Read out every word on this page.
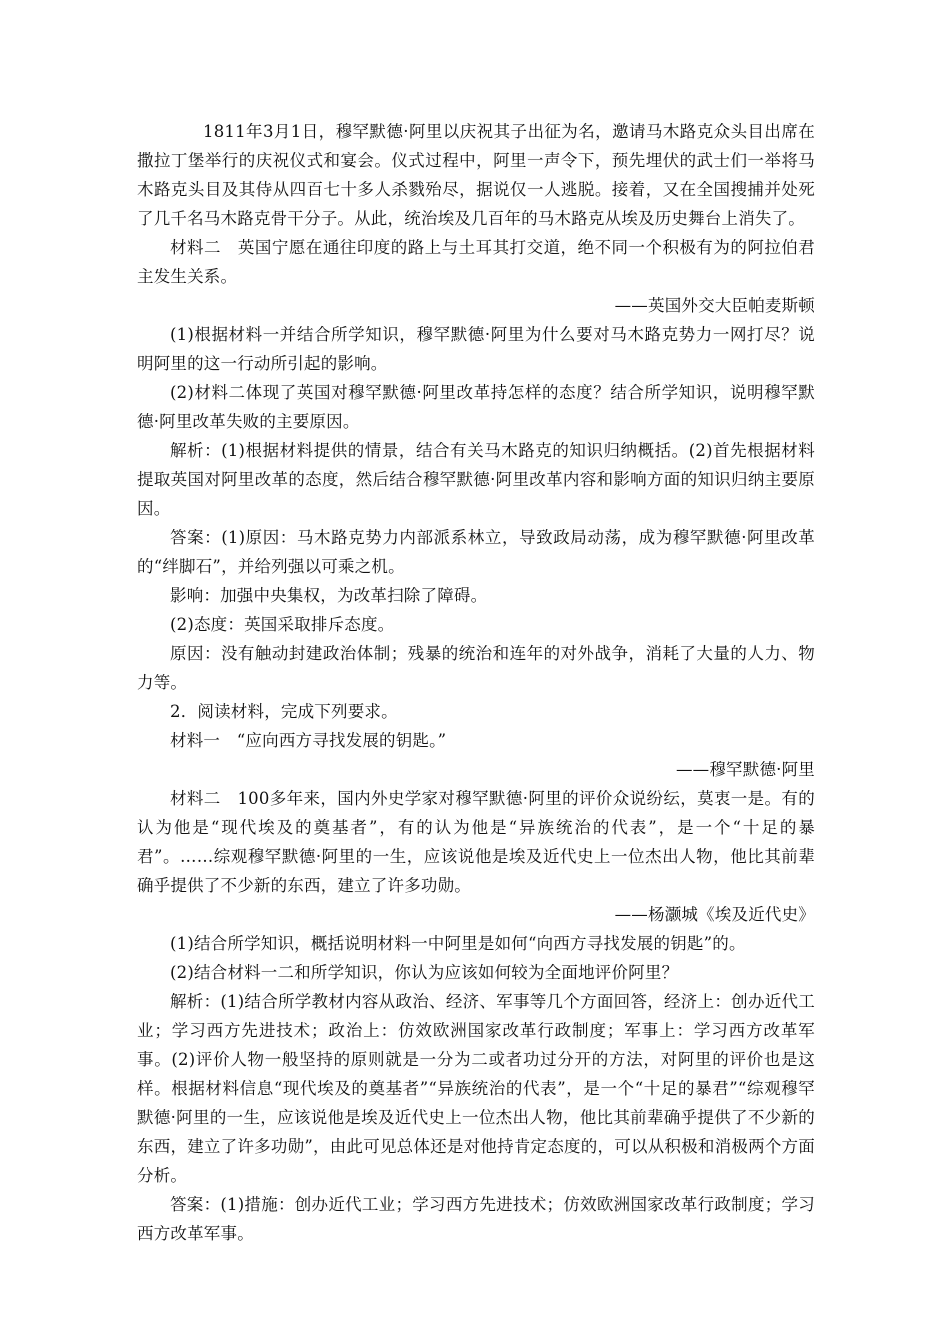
1811年3月1日，穆罕默德·阿里以庆祝其子出征为名，邀请马木路克众头目出席在撒拉丁堡举行的庆祝仪式和宴会。仪式过程中，阿里一声令下，预先埋伏的武士们一举将马木路克头目及其侍从四百七十多人杀戮殆尽，据说仅一人逃脱。接着，又在全国搜捕并处死了几千名马木路克骨干分子。从此，统治埃及几百年的马木路克从埃及历史舞台上消失了。

材料二　英国宁愿在通往印度的路上与土耳其打交道，绝不同一个积极有为的阿拉伯君主发生关系。

——英国外交大臣帕麦斯顿

(1)根据材料一并结合所学知识，穆罕默德·阿里为什么要对马木路克势力一网打尽？说明阿里的这一行动所引起的影响。

(2)材料二体现了英国对穆罕默德·阿里改革持怎样的态度？结合所学知识，说明穆罕默德·阿里改革失败的主要原因。

解析：(1)根据材料提供的情景，结合有关马木路克的知识归纳概括。(2)首先根据材料提取英国对阿里改革的态度，然后结合穆罕默德·阿里改革内容和影响方面的知识归纳主要原因。

答案：(1)原因：马木路克势力内部派系林立，导致政局动荡，成为穆罕默德·阿里改革的“绊脚石”，并给列强以可乘之机。

影响：加强中央集权，为改革扫除了障碍。

(2)态度：英国采取排斥态度。

原因：没有触动封建政治体制；残暴的统治和连年的对外战争，消耗了大量的人力、物力等。

2．阅读材料，完成下列要求。

材料一　“应向西方寻找发展的钥匙。”

——穆罕默德·阿里

材料二　100多年来，国内外史学家对穆罕默德·阿里的评价众说纷纭，莫衷一是。有的认为他是“现代埃及的奠基者”，有的认为他是“异族统治的代表”，是一个“十足的暴君”。……综观穆罕默德·阿里的一生，应该说他是埃及近代史上一位杰出人物，他比其前辈确乎提供了不少新的东西，建立了许多功勋。

——杨灏城《埃及近代史》

(1)结合所学知识，概括说明材料一中阿里是如何“向西方寻找发展的钥匙”的。

(2)结合材料一二和所学知识，你认为应该如何较为全面地评价阿里？

解析：(1)结合所学教材内容从政治、经济、军事等几个方面回答，经济上：创办近代工业；学习西方先进技术；政治上：仿效欧洲国家改革行政制度；军事上：学习西方改革军事。(2)评价人物一般坚持的原则就是一分为二或者功过分开的方法，对阿里的评价也是这样。根据材料信息“现代埃及的奠基者”“异族统治的代表”，是一个“十足的暴君”“综观穆罕默德·阿里的一生，应该说他是埃及近代史上一位杰出人物，他比其前辈确乎提供了不少新的东西，建立了许多功勋”，由此可见总体还是对他持肯定态度的，可以从积极和消极两个方面分析。

答案：(1)措施：创办近代工业；学习西方先进技术；仿效欧洲国家改革行政制度；学习西方改革军事。
